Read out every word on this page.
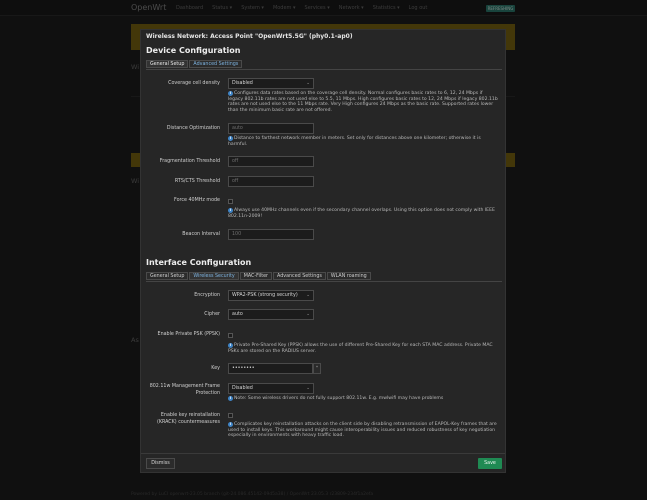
OpenWrt Dashboard Status ▾ System ▾ Modem ▾ Services ▾ Network ▾ Statistics ▾ Log out	REFRESHING
Wi
Wi
As
Powered by LuCI openwrt-23.05 branch (git-24.086.45142-09d5a38) / OpenWrt 23.05.3 r23809-234f1a2efa
Wireless Network: Access Point "OpenWrt5.5G" (phy0.1-ap0)
Device Configuration
General Setup	Advanced Settings
Coverage cell density	Disabled	⌄
i Configures data rates based on the coverage cell density. Normal configures basic rates to 6, 12, 24 Mbps if legacy 802.11b rates are not used else to 5.5, 11 Mbps. High configures basic rates to 12, 24 Mbps if legacy 802.11b rates are not used else to the 11 Mbps rate. Very High configures 24 Mbps as the basic rate. Supported rates lower than the minimum basic rate are not offered.
Distance Optimization	auto
i Distance to farthest network member in meters. Set only for distances above one kilometer; otherwise it is harmful.
Fragmentation Threshold	off
RTS/CTS Threshold	off
Force 40MHz mode
i Always use 40MHz channels even if the secondary channel overlaps. Using this option does not comply with IEEE 802.11n-2009!
Beacon Interval	100
Interface Configuration
General Setup	Wireless Security	MAC-Filter	Advanced Settings	WLAN roaming
Encryption	WPA2-PSK (strong security) ⌄
Cipher	auto	⌄
Enable Private PSK (PPSK)
i Private Pre-Shared Key (PPSK) allows the use of different Pre-Shared Key for each STA MAC address. Private MAC PSKs are stored on the RADIUS server.
Key	••••••••	*
802.11w Management Frame
Protection
Disabled	⌄
i Note: Some wireless drivers do not fully support 802.11w. E.g. mwlwifi may have problems
Enable key reinstallation
(KRACK) countermeasures	i Complicates key reinstallation attacks on the client side by disabling retransmission of EAPOL-Key frames that are used to install keys. This workaround might cause interoperability issues and reduced robustness of key negotiation especially in environments with heavy traffic load.
Dismiss	Save
